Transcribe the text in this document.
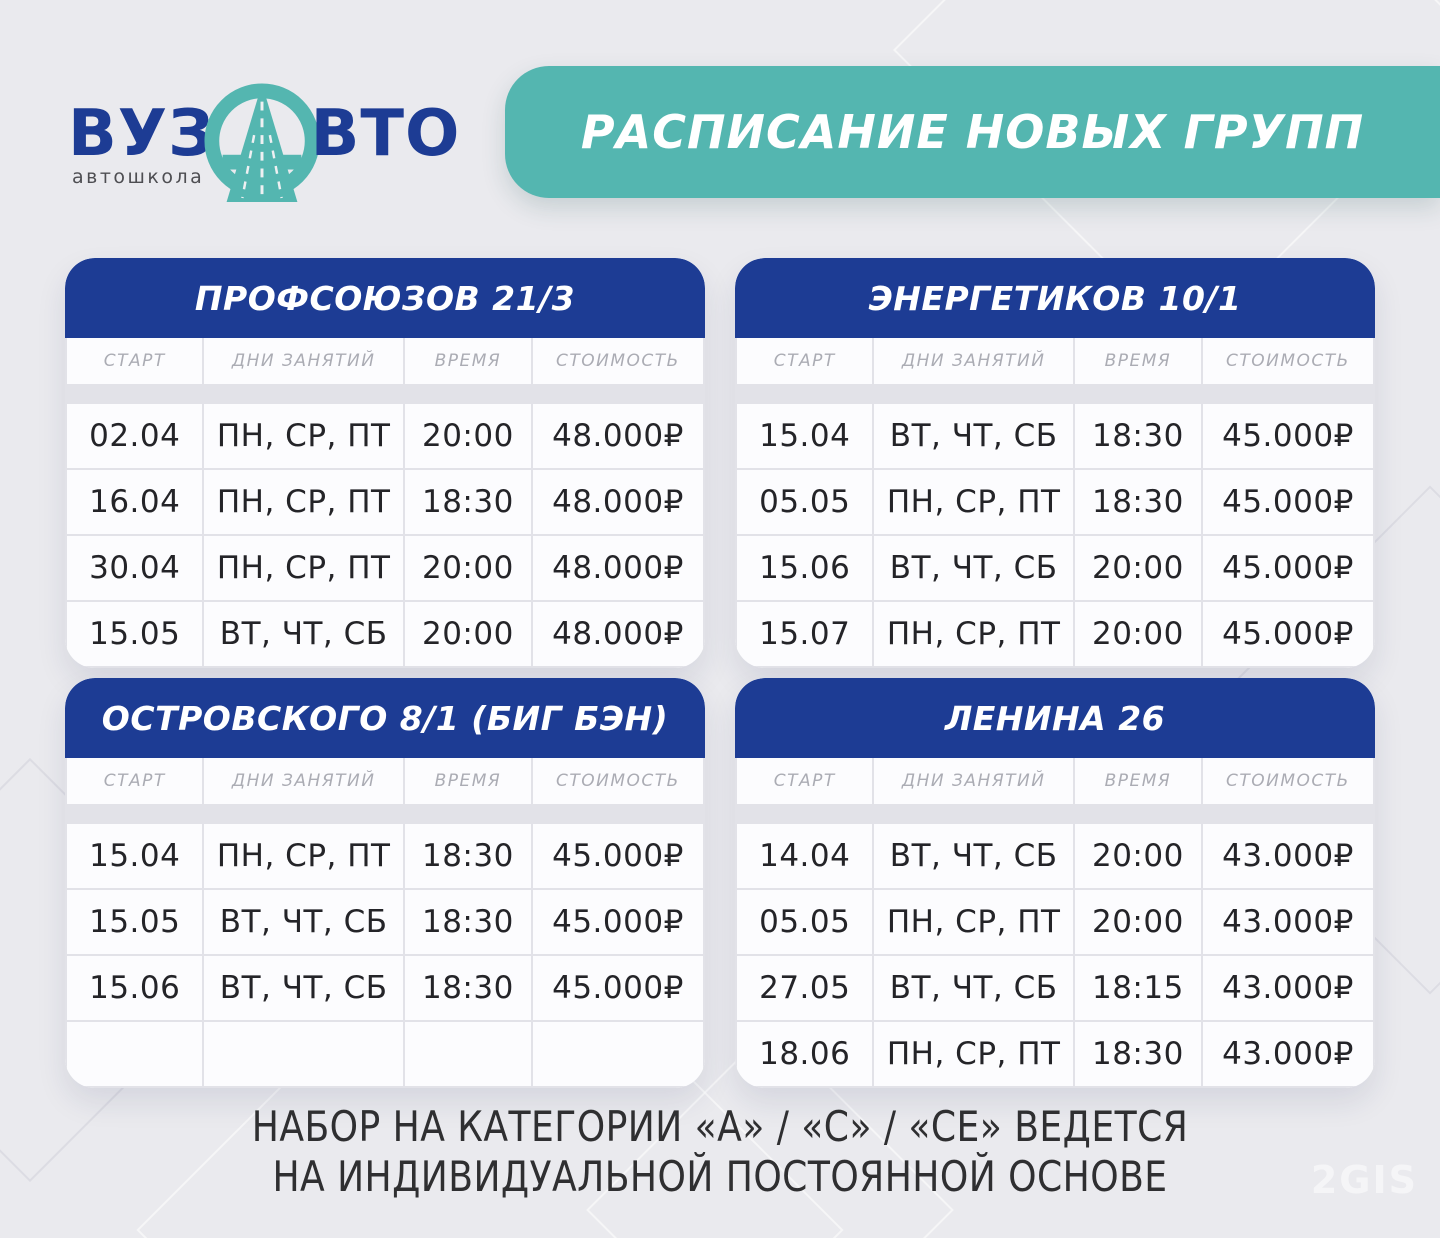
ВУЗ ВТО
автошкола
РАСПИСАНИЕ НОВЫХ ГРУПП
ПРОФСОЮЗОВ 21/3
СТАРТ	ДНИ ЗАНЯТИЙ	ВРЕМЯ	СТОИМОСТЬ
02.04	ПН, СР, ПТ	20:00	48.000₽
16.04	ПН, СР, ПТ	18:30	48.000₽
30.04	ПН, СР, ПТ	20:00	48.000₽
15.05	ВТ, ЧТ, СБ	20:00	48.000₽
ЭНЕРГЕТИКОВ 10/1
СТАРТ	ДНИ ЗАНЯТИЙ	ВРЕМЯ	СТОИМОСТЬ
15.04	ВТ, ЧТ, СБ	18:30	45.000₽
05.05	ПН, СР, ПТ	18:30	45.000₽
15.06	ВТ, ЧТ, СБ	20:00	45.000₽
15.07	ПН, СР, ПТ	20:00	45.000₽
ОСТРОВСКОГО 8/1 (БИГ БЭН)
СТАРТ	ДНИ ЗАНЯТИЙ	ВРЕМЯ	СТОИМОСТЬ
15.04	ПН, СР, ПТ	18:30	45.000₽
15.05	ВТ, ЧТ, СБ	18:30	45.000₽
15.06	ВТ, ЧТ, СБ	18:30	45.000₽
ЛЕНИНА 26
СТАРТ	ДНИ ЗАНЯТИЙ	ВРЕМЯ	СТОИМОСТЬ
14.04	ВТ, ЧТ, СБ	20:00	43.000₽
05.05	ПН, СР, ПТ	20:00	43.000₽
27.05	ВТ, ЧТ, СБ	18:15	43.000₽
18.06	ПН, СР, ПТ	18:30	43.000₽
НАБОР НА КАТЕГОРИИ «А» / «С» / «СЕ» ВЕДЕТСЯ
НА ИНДИВИДУАЛЬНОЙ ПОСТОЯННОЙ ОСНОВЕ	2GIS
